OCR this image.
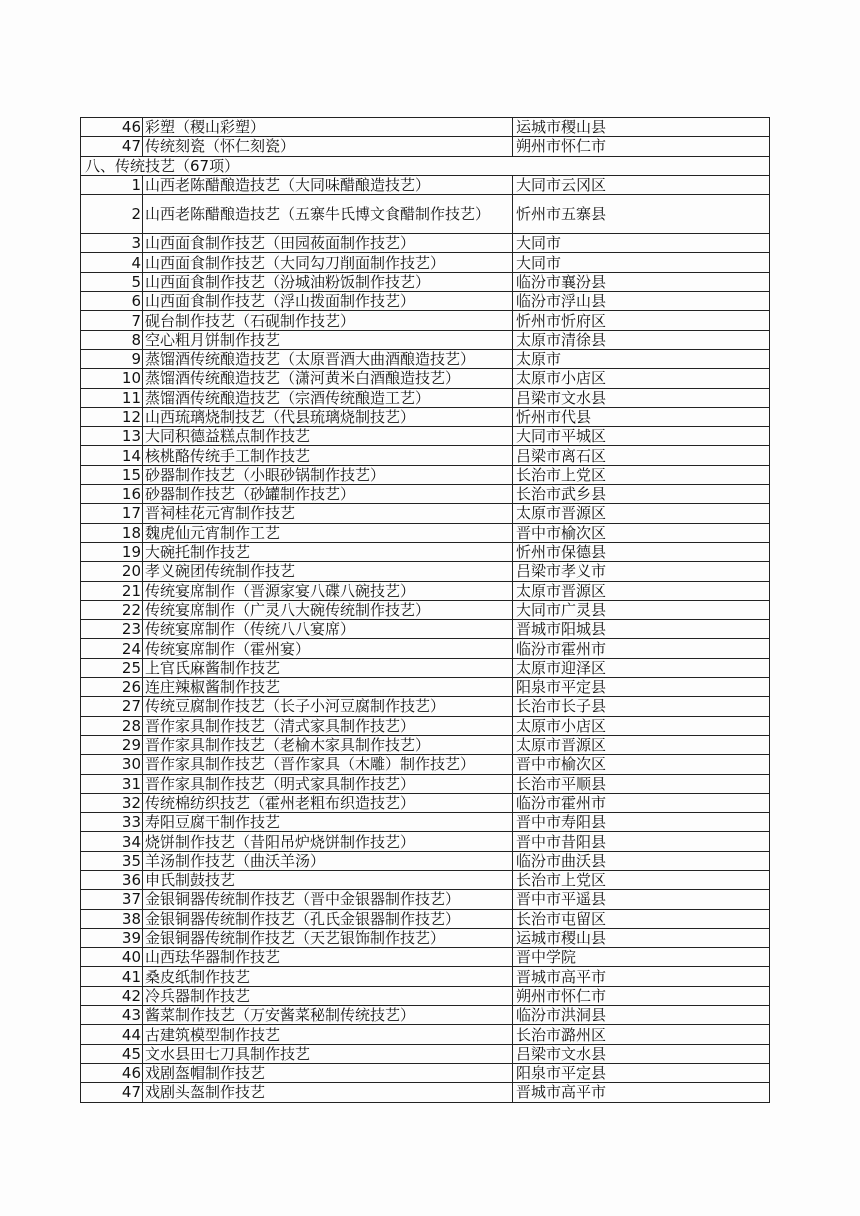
46	彩塑（稷山彩塑）	运城市稷山县
47	传统刻瓷（怀仁刻瓷）	朔州市怀仁市
八、传统技艺（67项）		
1	山西老陈醋酿造技艺（大同味醋酿造技艺）	大同市云冈区
2	山西老陈醋酿造技艺（五寨牛氏博文食醋制作技艺）	忻州市五寨县
3	山西面食制作技艺（田园莜面制作技艺）	大同市
4	山西面食制作技艺（大同勾刀削面制作技艺）	大同市
5	山西面食制作技艺（汾城油粉饭制作技艺）	临汾市襄汾县
6	山西面食制作技艺（浮山拨面制作技艺）	临汾市浮山县
7	砚台制作技艺（石砚制作技艺）	忻州市忻府区
8	空心粗月饼制作技艺	太原市清徐县
9	蒸馏酒传统酿造技艺（太原晋酒大曲酒酿造技艺）	太原市
10	蒸馏酒传统酿造技艺（潇河黄米白酒酿造技艺）	太原市小店区
11	蒸馏酒传统酿造技艺（宗酒传统酿造工艺）	吕梁市文水县
12	山西琉璃烧制技艺（代县琉璃烧制技艺）	忻州市代县
13	大同积德益糕点制作技艺	大同市平城区
14	核桃酪传统手工制作技艺	吕梁市离石区
15	砂器制作技艺（小眼砂锅制作技艺）	长治市上党区
16	砂器制作技艺（砂罐制作技艺）	长治市武乡县
17	晋祠桂花元宵制作技艺	太原市晋源区
18	魏虎仙元宵制作工艺	晋中市榆次区
19	大碗托制作技艺	忻州市保德县
20	孝义碗团传统制作技艺	吕梁市孝义市
21	传统宴席制作（晋源家宴八碟八碗技艺）	太原市晋源区
22	传统宴席制作（广灵八大碗传统制作技艺）	大同市广灵县
23	传统宴席制作（传统八八宴席）	晋城市阳城县
24	传统宴席制作（霍州宴）	临汾市霍州市
25	上官氏麻酱制作技艺	太原市迎泽区
26	连庄辣椒酱制作技艺	阳泉市平定县
27	传统豆腐制作技艺（长子小河豆腐制作技艺）	长治市长子县
28	晋作家具制作技艺（清式家具制作技艺）	太原市小店区
29	晋作家具制作技艺（老榆木家具制作技艺）	太原市晋源区
30	晋作家具制作技艺（晋作家具（木雕）制作技艺）	晋中市榆次区
31	晋作家具制作技艺（明式家具制作技艺）	长治市平顺县
32	传统棉纺织技艺（霍州老粗布织造技艺）	临汾市霍州市
33	寿阳豆腐干制作技艺	晋中市寿阳县
34	烧饼制作技艺（昔阳吊炉烧饼制作技艺）	晋中市昔阳县
35	羊汤制作技艺（曲沃羊汤）	临汾市曲沃县
36	申氏制鼓技艺	长治市上党区
37	金银铜器传统制作技艺（晋中金银器制作技艺）	晋中市平遥县
38	金银铜器传统制作技艺（孔氏金银器制作技艺）	长治市屯留区
39	金银铜器传统制作技艺（天艺银饰制作技艺）	运城市稷山县
40	山西珐华器制作技艺	晋中学院
41	桑皮纸制作技艺	晋城市高平市
42	冷兵器制作技艺	朔州市怀仁市
43	酱菜制作技艺（万安酱菜秘制传统技艺）	临汾市洪洞县
44	古建筑模型制作技艺	长治市潞州区
45	文水县田七刀具制作技艺	吕梁市文水县
46	戏剧盔帽制作技艺	阳泉市平定县
47	戏剧头盔制作技艺	晋城市高平市
